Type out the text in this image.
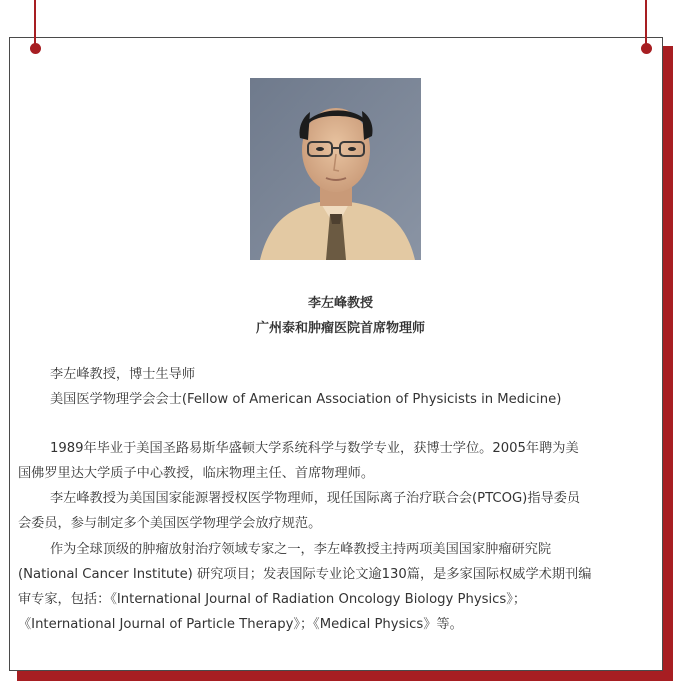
李左峰教授
广州泰和肿瘤医院首席物理师
李左峰教授，博士生导师
美国医学物理学会会士(Fellow of American Association of Physicists in Medicine)
1989年毕业于美国圣路易斯华盛顿大学系统科学与数学专业，获博士学位。2005年聘为美
国佛罗里达大学质子中心教授，临床物理主任、首席物理师。
李左峰教授为美国国家能源署授权医学物理师，现任国际离子治疗联合会(PTCOG)指导委员
会委员，参与制定多个美国医学物理学会放疗规范。
作为全球顶级的肿瘤放射治疗领域专家之一，李左峰教授主持两项美国国家肿瘤研究院
(National Cancer Institute) 研究项目；发表国际专业论文逾130篇，是多家国际权威学术期刊编
审专家，包括：《International Journal of Radiation Oncology Biology Physics》；
《International Journal of Particle Therapy》；《Medical Physics》等。
